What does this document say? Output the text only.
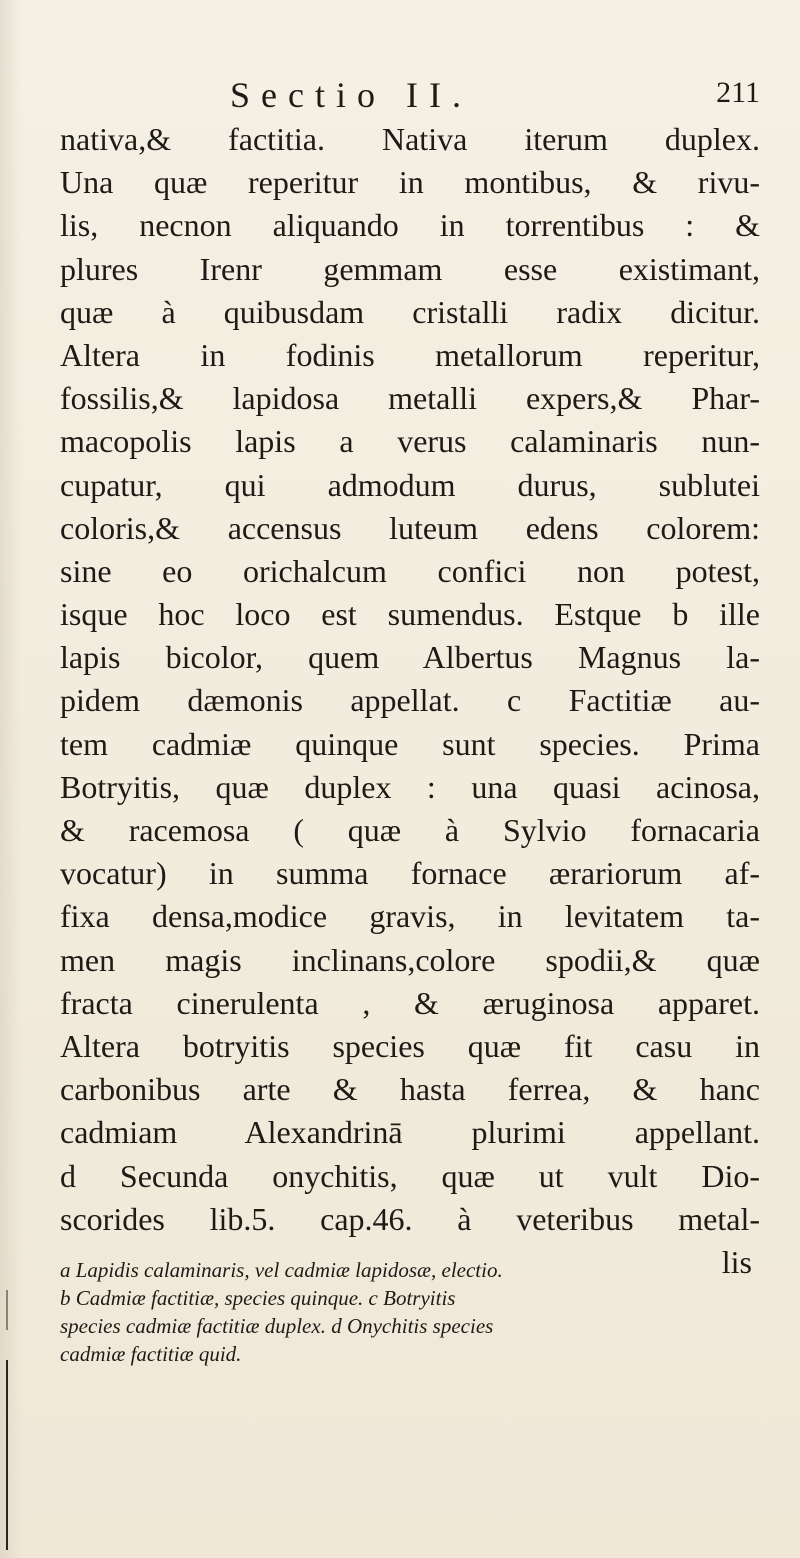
Sectio II.	211
nativa,& factitia. Nativa iterum duplex.
Una quæ reperitur in montibus, & rivu-
lis, necnon aliquando in torrentibus : &
plures Irenr gemmam esse existimant,
quæ à quibusdam cristalli radix dicitur.
Altera in fodinis metallorum reperitur,
fossilis,& lapidosa metalli expers,& Phar-
macopolis lapis a verus calaminaris nun-
cupatur, qui admodum durus, sublutei
coloris,& accensus luteum edens colorem:
sine eo orichalcum confici non potest,
isque hoc loco est sumendus. Estque b ille
lapis bicolor, quem Albertus Magnus la-
pidem dæmonis appellat. c Factitiæ au-
tem cadmiæ quinque sunt species. Prima
Botryitis, quæ duplex : una quasi acinosa,
& racemosa ( quæ à Sylvio fornacaria
vocatur) in summa fornace ærariorum af-
fixa densa,modice gravis, in levitatem ta-
men magis inclinans,colore spodii,& quæ
fracta cinerulenta , & æruginosa apparet.
Altera botryitis species quæ fit casu in
carbonibus arte & hasta ferrea, & hanc
cadmiam Alexandrinā plurimi appellant.
d Secunda onychitis, quæ ut vult Dio-
scorides lib.5. cap.46. à veteribus metal-
lis
a Lapidis calaminaris, vel cadmiæ lapidosæ, electio.
b Cadmiæ factitiæ, species quinque. c Botryitis
species cadmiæ factitiæ duplex. d Onychitis species
cadmiæ factitiæ quid.
